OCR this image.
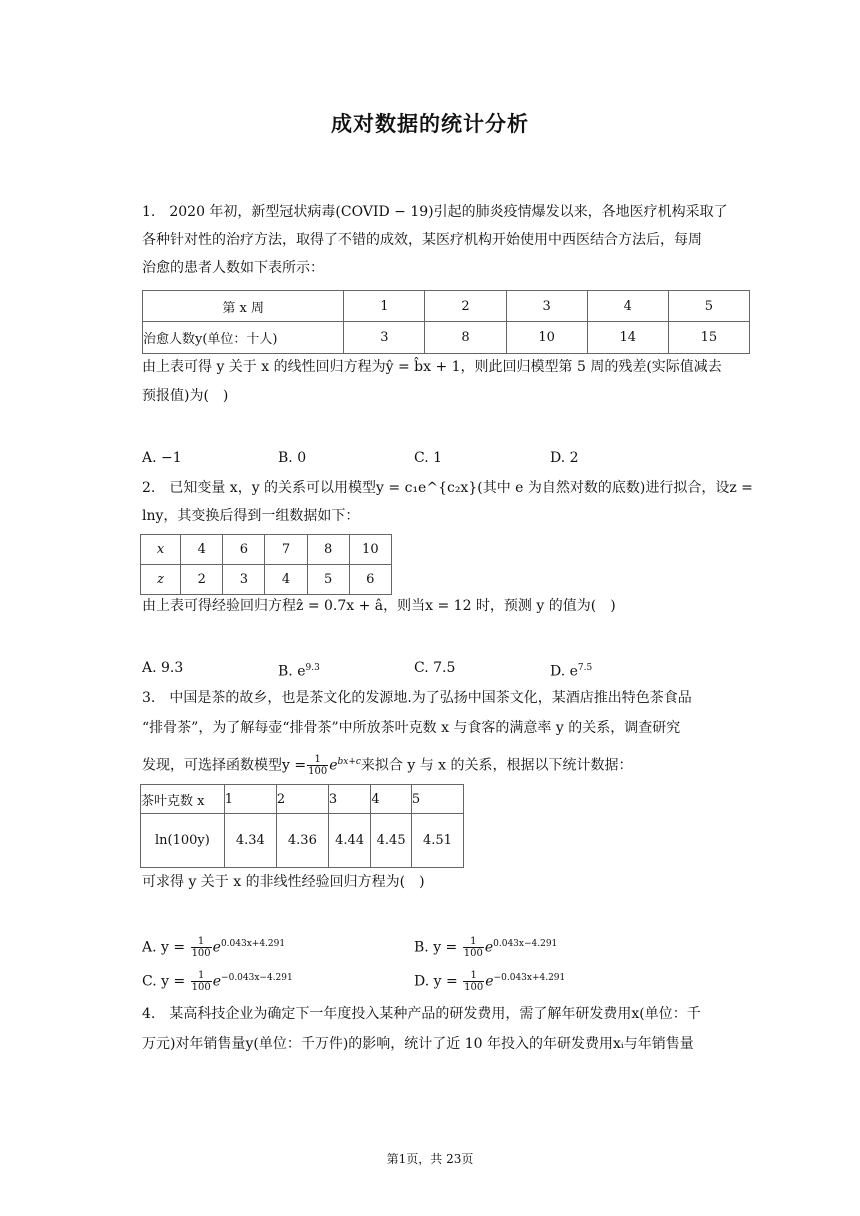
成对数据的统计分析
1.　2020 年初，新型冠状病毒(COVID − 19)引起的肺炎疫情爆发以来，各地医疗机构采取了
各种针对性的治疗方法，取得了不错的成效，某医疗机构开始使用中西医结合方法后，每周
治愈的患者人数如下表所示：
第 x 周	1	2	3	4	5
治愈人数y(单位：十人)	3	8	10	14	15
由上表可得 y 关于 x 的线性回归方程为ŷ = b̂x + 1，则此回归模型第 5 周的残差(实际值减去
预报值)为(　)
A. −1	B. 0	C. 1	D. 2
2.　已知变量 x，y 的关系可以用模型y = c₁e^{c₂x}(其中 e 为自然对数的底数)进行拟合，设z =
lny，其变换后得到一组数据如下：
x	4	6	7	8	10
z	2	3	4	5	6
由上表可得经验回归方程ẑ = 0.7x + â，则当x = 12 时，预测 y 的值为(　)
A. 9.3	B. $e^{9.3}$	C. 7.5	D. $e^{7.5}$
3.　中国是茶的故乡，也是茶文化的发源地.为了弘扬中国茶文化，某酒店推出特色茶食品
“排骨茶”，为了解每壶“排骨茶”中所放茶叶克数 x 与食客的满意率 y 的关系，调查研究
发现，可选择函数模型$y = \frac{1}{100} e^{bx+c}$来拟合 y 与 x 的关系，根据以下统计数据：
茶叶克数 x	1	2	3	4	5
ln(100y)	4.34	4.36	4.44	4.45	4.51
可求得 y 关于 x 的非线性经验回归方程为(　)
A. $y = \frac{1}{100} e^{0.043x+4.291}$	B. $y = \frac{1}{100} e^{0.043x-4.291}$
C. $y = \frac{1}{100} e^{-0.043x-4.291}$	D. $y = \frac{1}{100} e^{-0.043x+4.291}$
4.　某高科技企业为确定下一年度投入某种产品的研发费用，需了解年研发费用x(单位：千
万元)对年销售量y(单位：千万件)的影响，统计了近 10 年投入的年研发费用xᵢ与年销售量
第1页，共 23页
